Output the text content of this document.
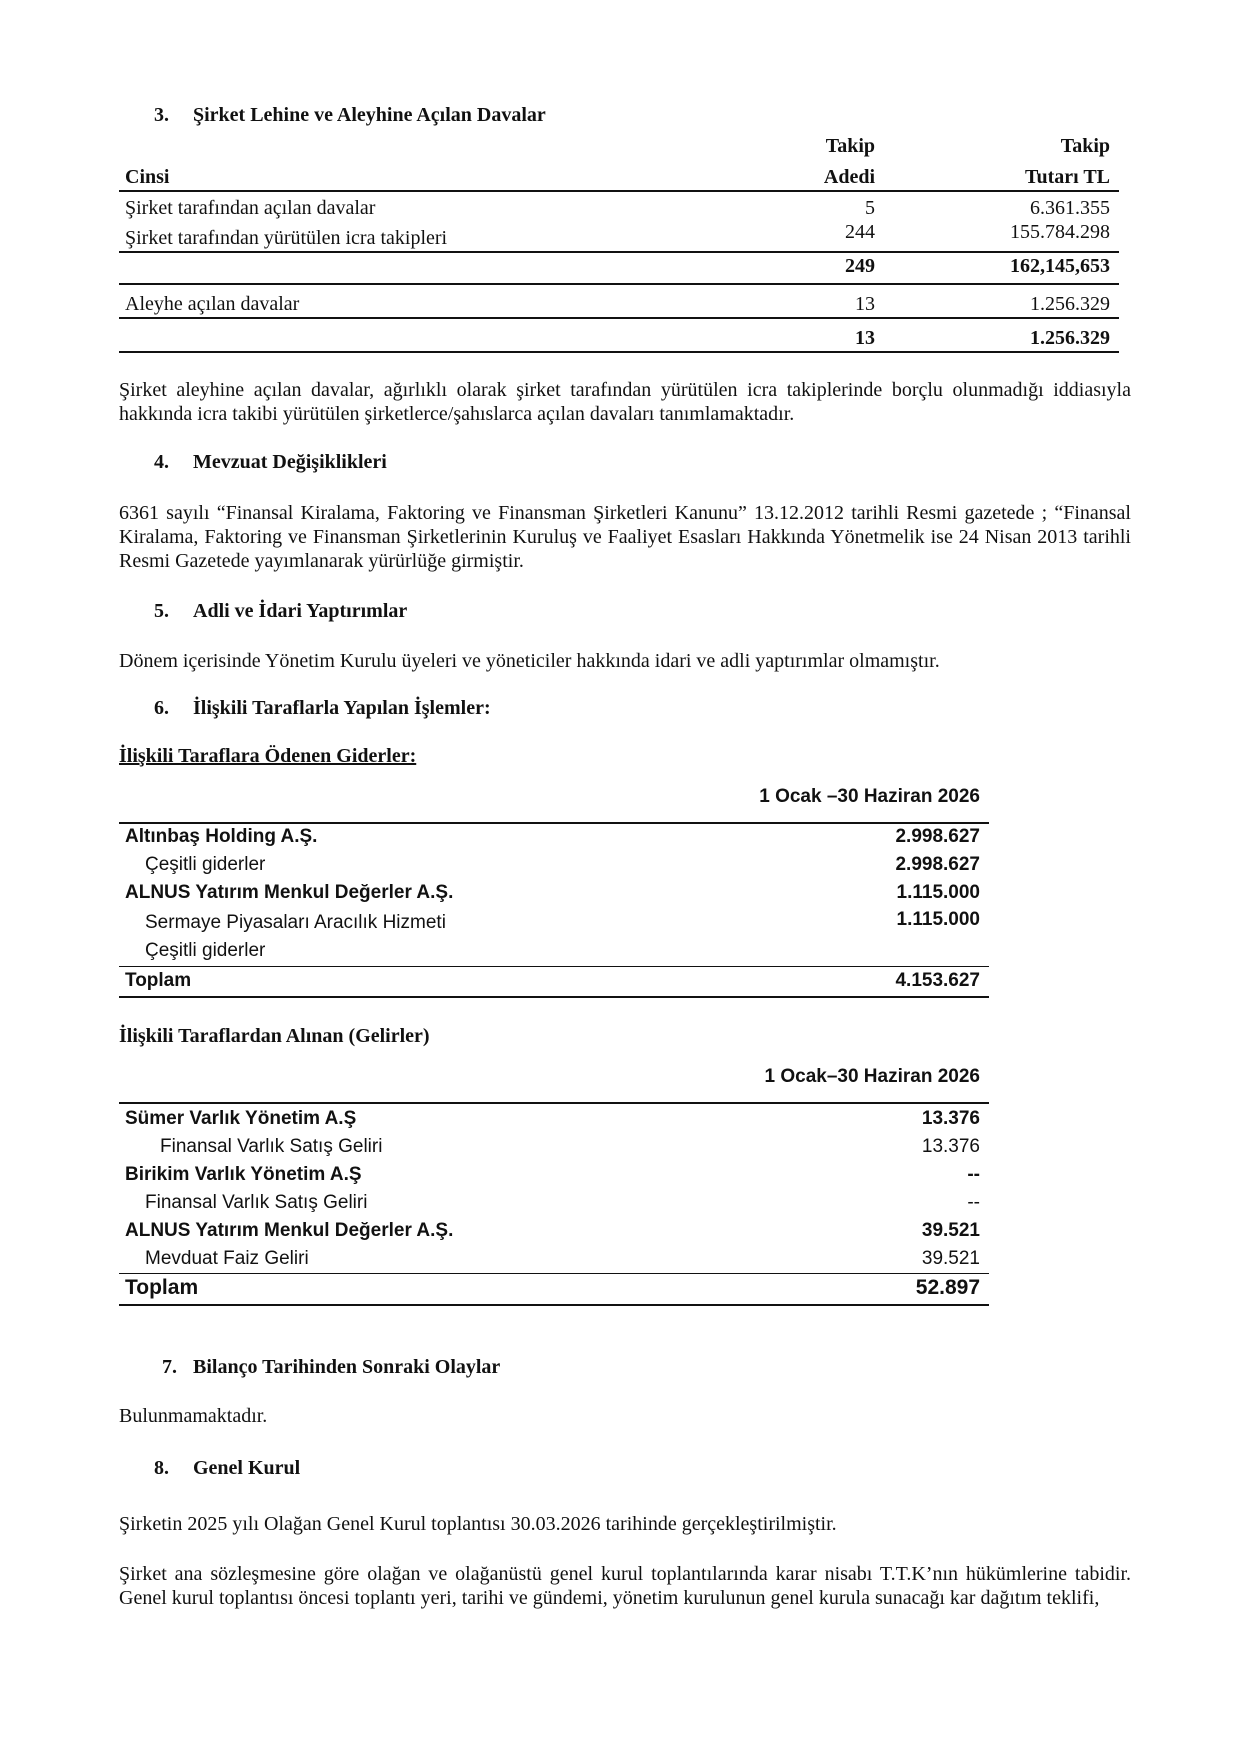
3. Şirket Lehine ve Aleyhine Açılan Davalar
Takip	Takip
Cinsi	Adedi	Tutarı TL
Şirket tarafından açılan davalar	5	6.361.355
Şirket tarafından yürütülen icra takipleri	244	155.784.298
249	162,145,653
Aleyhe açılan davalar	13	1.256.329
13	1.256.329
Şirket aleyhine açılan davalar, ağırlıklı olarak şirket tarafından yürütülen icra takiplerinde borçlu olunmadığı iddiasıyla hakkında icra takibi yürütülen şirketlerce/şahıslarca açılan davaları tanımlamaktadır.
4. Mevzuat Değişiklikleri
6361 sayılı “Finansal Kiralama, Faktoring ve Finansman Şirketleri Kanunu” 13.12.2012 tarihli Resmi gazetede ; “Finansal Kiralama, Faktoring ve Finansman Şirketlerinin Kuruluş ve Faaliyet Esasları Hakkında Yönetmelik ise 24 Nisan 2013 tarihli Resmi Gazetede yayımlanarak yürürlüğe girmiştir.
5. Adli ve İdari Yaptırımlar
Dönem içerisinde Yönetim Kurulu üyeleri ve yöneticiler hakkında idari ve adli yaptırımlar olmamıştır.
6. İlişkili Taraflarla Yapılan İşlemler:
İlişkili Taraflara Ödenen Giderler:
1 Ocak –30 Haziran 2026
Altınbaş Holding A.Ş.	2.998.627
Çeşitli giderler	2.998.627
ALNUS Yatırım Menkul Değerler A.Ş.	1.115.000
Sermaye Piyasaları Aracılık Hizmeti	1.115.000
Çeşitli giderler
Toplam	4.153.627
İlişkili Taraflardan Alınan (Gelirler)
1 Ocak–30 Haziran 2026
Sümer Varlık Yönetim A.Ş	13.376
Finansal Varlık Satış Geliri	13.376
Birikim Varlık Yönetim A.Ş	--
Finansal Varlık Satış Geliri	--
ALNUS Yatırım Menkul Değerler A.Ş.	39.521
Mevduat Faiz Geliri	39.521
Toplam	52.897
7. Bilanço Tarihinden Sonraki Olaylar
Bulunmamaktadır.
8. Genel Kurul
Şirketin 2025 yılı Olağan Genel Kurul toplantısı 30.03.2026 tarihinde gerçekleştirilmiştir.
Şirket ana sözleşmesine göre olağan ve olağanüstü genel kurul toplantılarında karar nisabı T.T.K’nın hükümlerine tabidir. Genel kurul toplantısı öncesi toplantı yeri, tarihi ve gündemi, yönetim kurulunun genel kurula sunacağı kar dağıtım teklifi,
